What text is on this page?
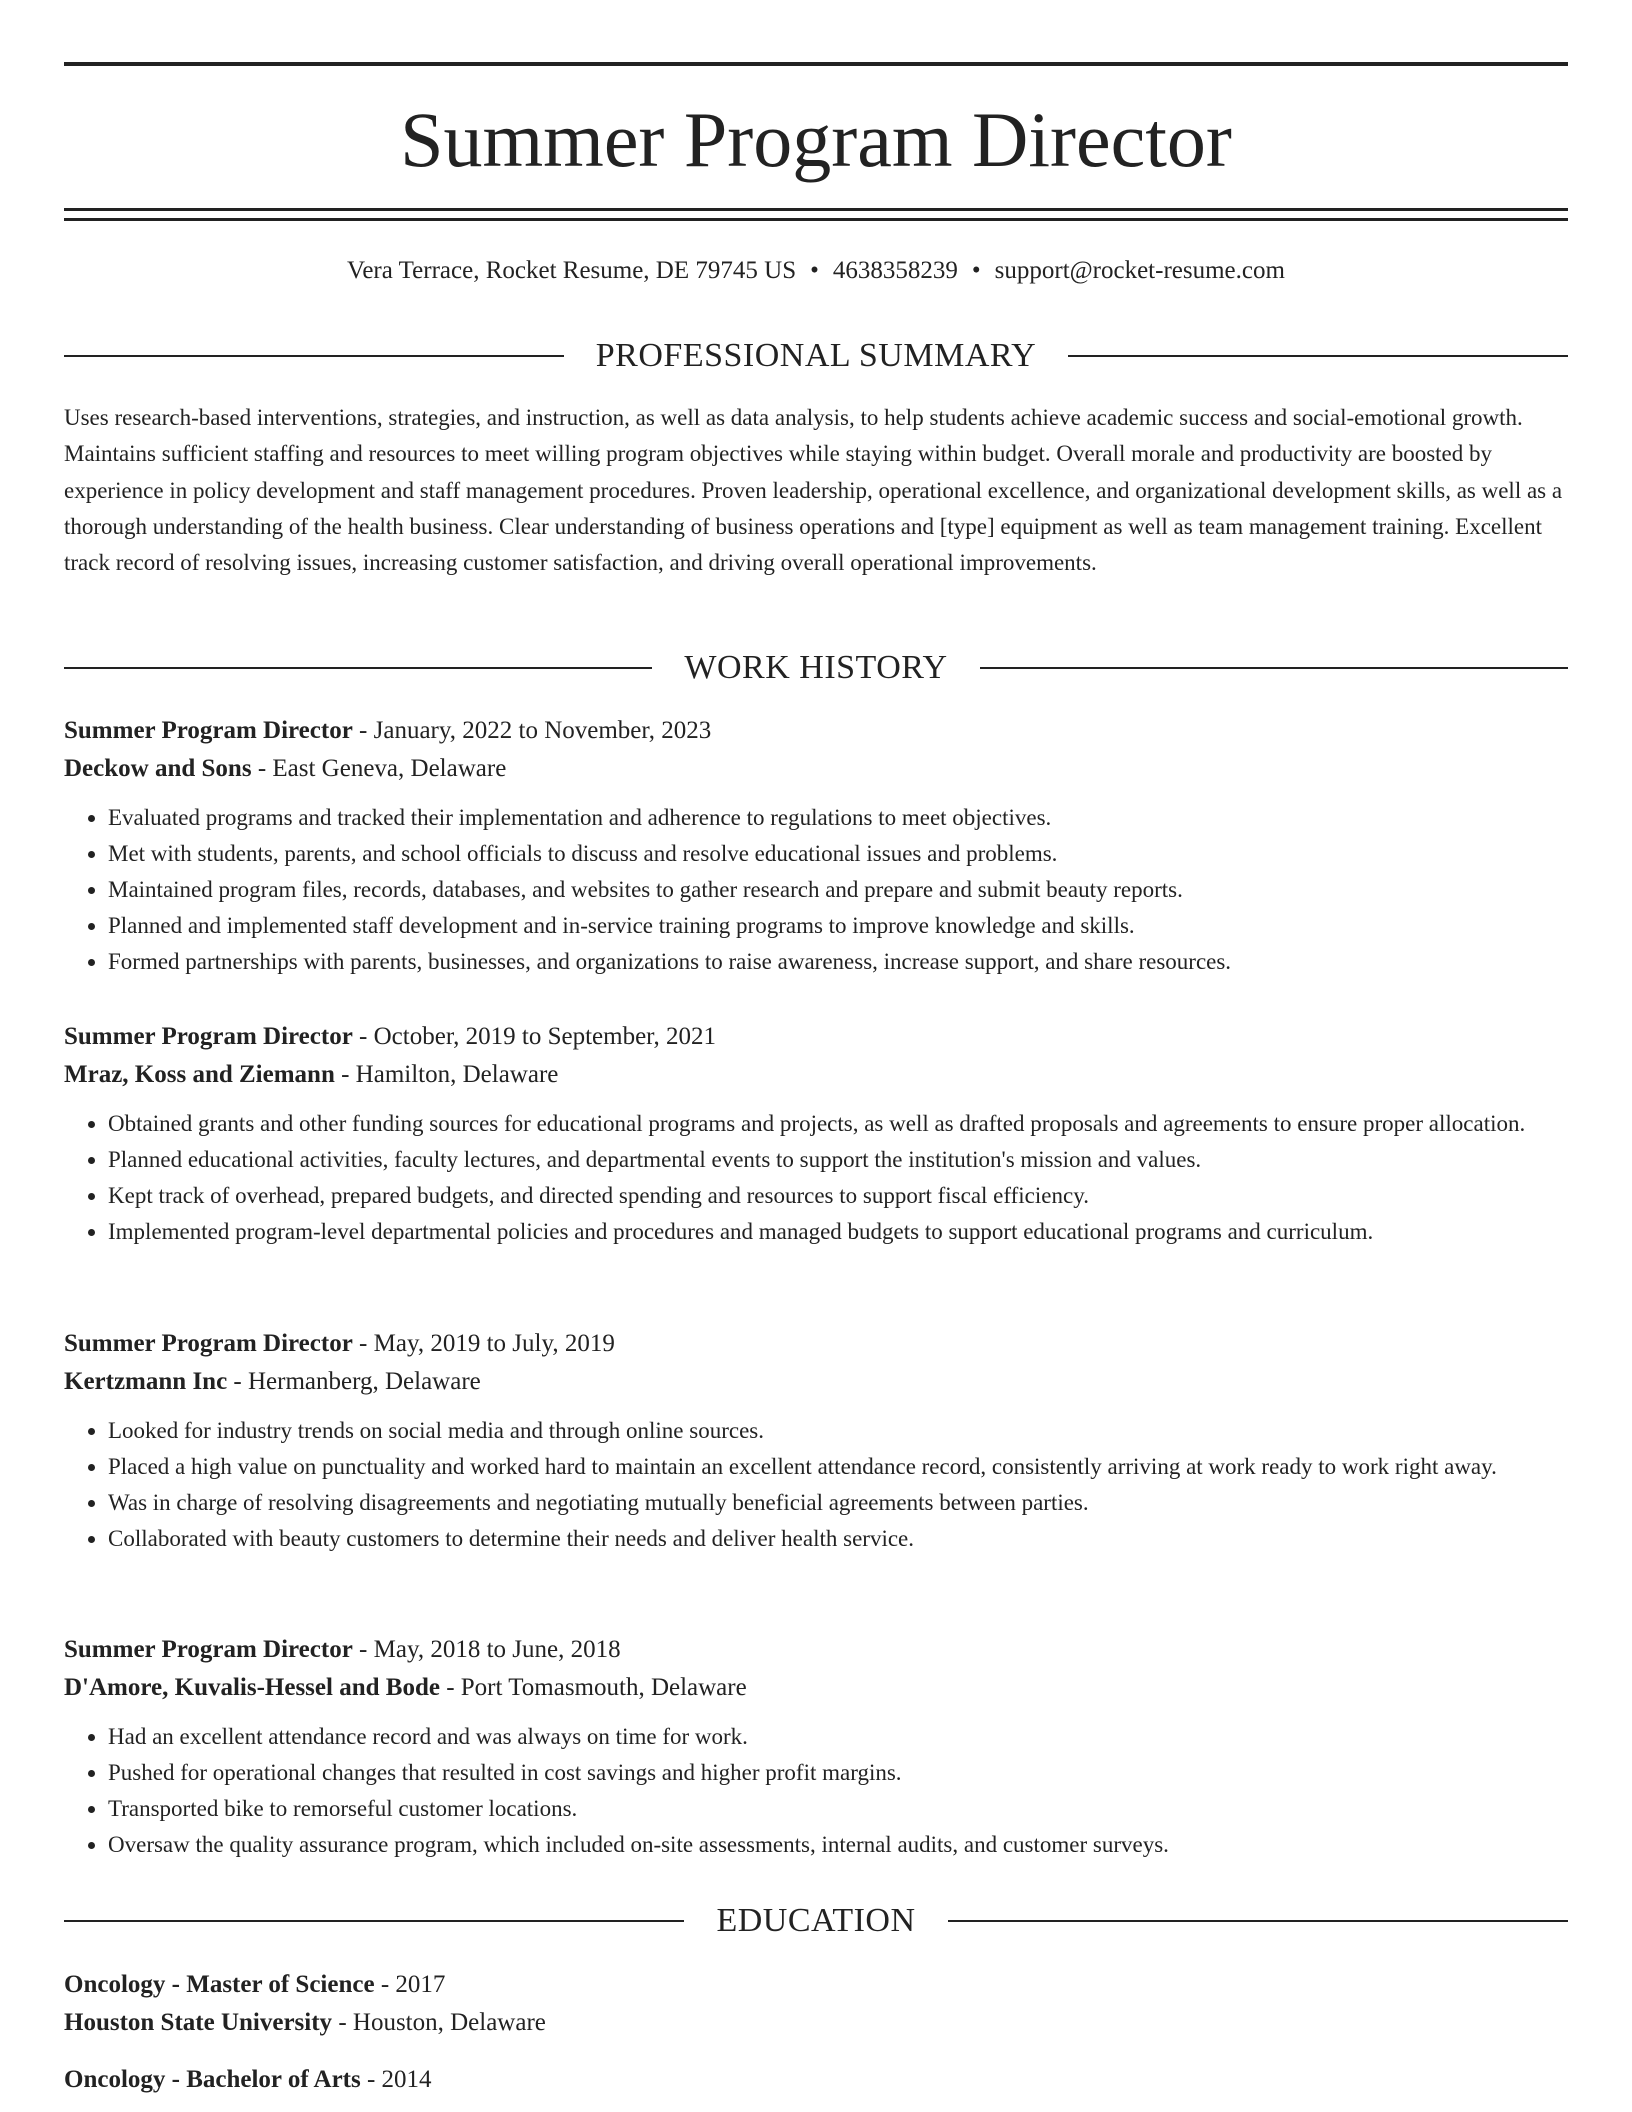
Summer Program Director
Vera Terrace, Rocket Resume, DE 79745 US • 4638358239 • support@rocket-resume.com
PROFESSIONAL SUMMARY

Uses research-based interventions, strategies, and instruction, as well as data analysis, to help students achieve academic success and social-emotional growth. Maintains sufficient staffing and resources to meet willing program objectives while staying within budget. Overall morale and productivity are boosted by experience in policy development and staff management procedures. Proven leadership, operational excellence, and organizational development skills, as well as a thorough understanding of the health business. Clear understanding of business operations and [type] equipment as well as team management training. Excellent track record of resolving issues, increasing customer satisfaction, and driving overall operational improvements.

WORK HISTORY
Summer Program Director - January, 2022 to November, 2023
Deckow and Sons - East Geneva, Delaware
• Evaluated programs and tracked their implementation and adherence to regulations to meet objectives.
• Met with students, parents, and school officials to discuss and resolve educational issues and problems.
• Maintained program files, records, databases, and websites to gather research and prepare and submit beauty reports.
• Planned and implemented staff development and in-service training programs to improve knowledge and skills.
• Formed partnerships with parents, businesses, and organizations to raise awareness, increase support, and share resources.
Summer Program Director - October, 2019 to September, 2021
Mraz, Koss and Ziemann - Hamilton, Delaware
• Obtained grants and other funding sources for educational programs and projects, as well as drafted proposals and agreements to ensure proper allocation.
• Planned educational activities, faculty lectures, and departmental events to support the institution's mission and values.
• Kept track of overhead, prepared budgets, and directed spending and resources to support fiscal efficiency.
• Implemented program-level departmental policies and procedures and managed budgets to support educational programs and curriculum.
Summer Program Director - May, 2019 to July, 2019
Kertzmann Inc - Hermanberg, Delaware
• Looked for industry trends on social media and through online sources.
• Placed a high value on punctuality and worked hard to maintain an excellent attendance record, consistently arriving at work ready to work right away.
• Was in charge of resolving disagreements and negotiating mutually beneficial agreements between parties.
• Collaborated with beauty customers to determine their needs and deliver health service.
Summer Program Director - May, 2018 to June, 2018
D'Amore, Kuvalis-Hessel and Bode - Port Tomasmouth, Delaware
• Had an excellent attendance record and was always on time for work.
• Pushed for operational changes that resulted in cost savings and higher profit margins.
• Transported bike to remorseful customer locations.
• Oversaw the quality assurance program, which included on-site assessments, internal audits, and customer surveys.
EDUCATION
Oncology - Master of Science - 2017
Houston State University - Houston, Delaware
Oncology - Bachelor of Arts - 2014
